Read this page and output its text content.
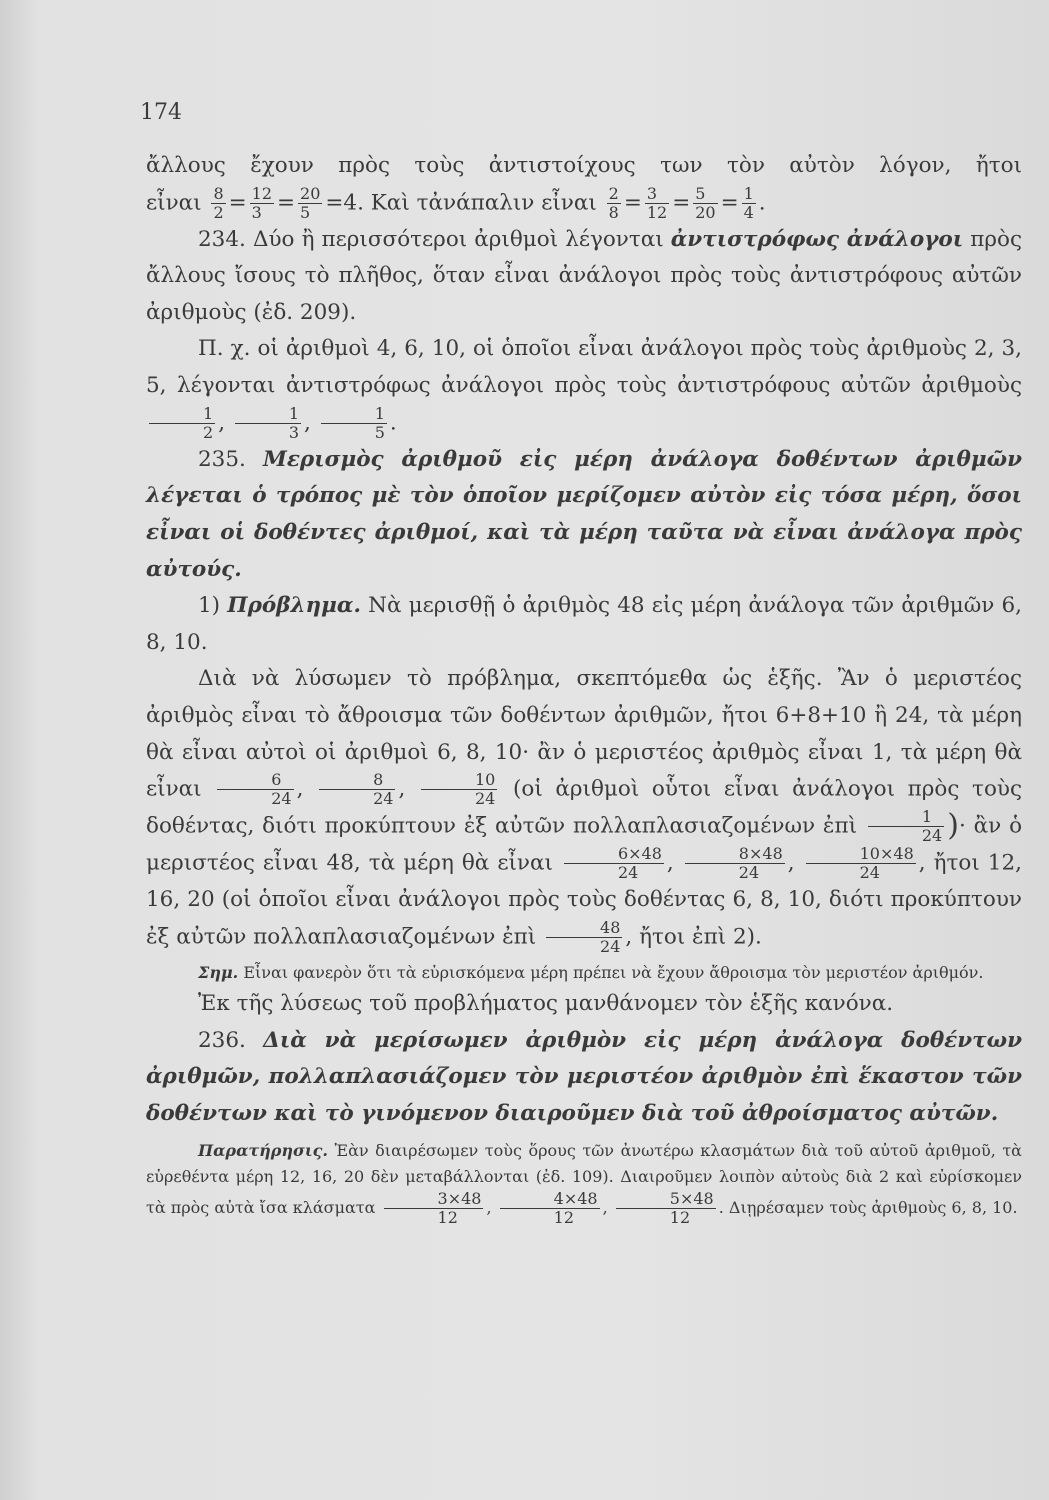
174

ἄλλους ἔχουν πρὸς τοὺς ἀντιστοίχους των τὸν αὐτὸν λόγον, ἤτοι

εἶναι $\frac{8}{2} = \frac{12}{3} = \frac{20}{5} =4$. Καὶ τἀνάπαλιν εἶναι $\frac{2}{8} = \frac{3}{12} = \frac{5}{20} = \frac{1}{4}$ .

234. Δύο ἢ περισσότεροι ἀριθμοὶ λέγονται ἀντιστρόφως ἀνάλογοι πρὸς ἄλλους ἴσους τὸ πλῆθος, ὅταν εἶναι ἀνάλογοι πρὸς τοὺς ἀντιστρόφους αὐτῶν ἀριθμοὺς (ἐδ. 209).

Π. χ. οἱ ἀριθμοὶ 4, 6, 10, οἱ ὁποῖοι εἶναι ἀνάλογοι πρὸς τοὺς ἀριθμοὺς 2, 3, 5, λέγονται ἀντιστρόφως ἀνάλογοι πρὸς τοὺς ἀντιστρόφους αὐτῶν ἀριθμοὺς
$\frac{1}{2}$ , $\frac{1}{3}$ , $\frac{1}{5}$ .

235. Μερισμὸς ἀριθμοῦ εἰς μέρη ἀνάλογα δοθέντων ἀριθμῶν λέγεται ὁ τρόπος μὲ τὸν ὁποῖον μερίζομεν αὐτὸν εἰς τόσα μέρη, ὅσοι εἶναι οἱ δοθέντες ἀριθμοί, καὶ τὰ μέρη ταῦτα νὰ εἶναι ἀνάλογα πρὸς αὐτούς.

1) Πρόβλημα. Νὰ μερισθῇ ὁ ἀριθμὸς 48 εἰς μέρη ἀνάλογα τῶν ἀριθμῶν 6, 8, 10.

Διὰ νὰ λύσωμεν τὸ πρόβλημα, σκεπτόμεθα ὡς ἑξῆς. Ἂν ὁ μεριστέος ἀριθμὸς εἶναι τὸ ἄθροισμα τῶν δοθέντων ἀριθμῶν, ἤτοι 6+8+10 ἢ 24, τὰ μέρη θὰ εἶναι αὐτοὶ οἱ ἀριθμοὶ 6, 8, 10· ἂν ὁ μεριστέος ἀριθμὸς εἶναι 1, τὰ μέρη θὰ εἶναι $\frac{6}{24}$ , $\frac{8}{24}$ , $\frac{10}{24}$ (οἱ ἀριθμοὶ οὗτοι εἶναι ἀνάλογοι πρὸς τοὺς δοθέντας, διότι προκύπτουν ἐξ αὐτῶν πολλαπλασιαζομένων ἐπὶ $\frac{1}{24}$ )· ἂν ὁ μεριστέος εἶναι 48, τὰ μέρη θὰ εἶναι $\frac{6\times 48}{24}$ , $\frac{8\times 48}{24}$ , $\frac{10\times 48}{24}$ , ἤτοι 12, 16, 20 (οἱ ὁποῖοι εἶναι ἀνάλογοι πρὸς τοὺς δοθέντας 6, 8, 10, διότι προκύπτουν ἐξ αὐτῶν πολλαπλασιαζομένων ἐπὶ $\frac{48}{24}$ , ἤτοι ἐπὶ 2).

Σημ. Εἶναι φανερὸν ὅτι τὰ εὑρισκόμενα μέρη πρέπει νὰ ἔχουν ἄθροισμα τὸν μεριστέον ἀριθμόν.

Ἐκ τῆς λύσεως τοῦ προβλήματος μανθάνομεν τὸν ἑξῆς κανόνα.

236. Διὰ νὰ μερίσωμεν ἀριθμὸν εἰς μέρη ἀνάλογα δοθέντων ἀριθμῶν, πολλαπλασιάζομεν τὸν μεριστέον ἀριθμὸν ἐπὶ ἕκαστον τῶν δοθέντων καὶ τὸ γινόμενον διαιροῦμεν διὰ τοῦ ἀθροίσματος αὐτῶν.

Παρατήρησις. Ἐὰν διαιρέσωμεν τοὺς ὅρους τῶν ἀνωτέρω κλασμάτων διὰ τοῦ αὐτοῦ ἀριθμοῦ, τὰ εὑρεθέντα μέρη 12, 16, 20 δὲν μεταβάλλονται (ἐδ. 109). Διαιροῦμεν λοιπὸν αὐτοὺς διὰ 2 καὶ εὑρίσκομεν τὰ πρὸς αὐτὰ ἴσα κλάσματα $\frac{3\times 48}{12}$ , $\frac{4\times 48}{12}$ , $\frac{5\times 48}{12}$ . Διῃρέσαμεν τοὺς ἀριθμοὺς 6, 8, 10.
